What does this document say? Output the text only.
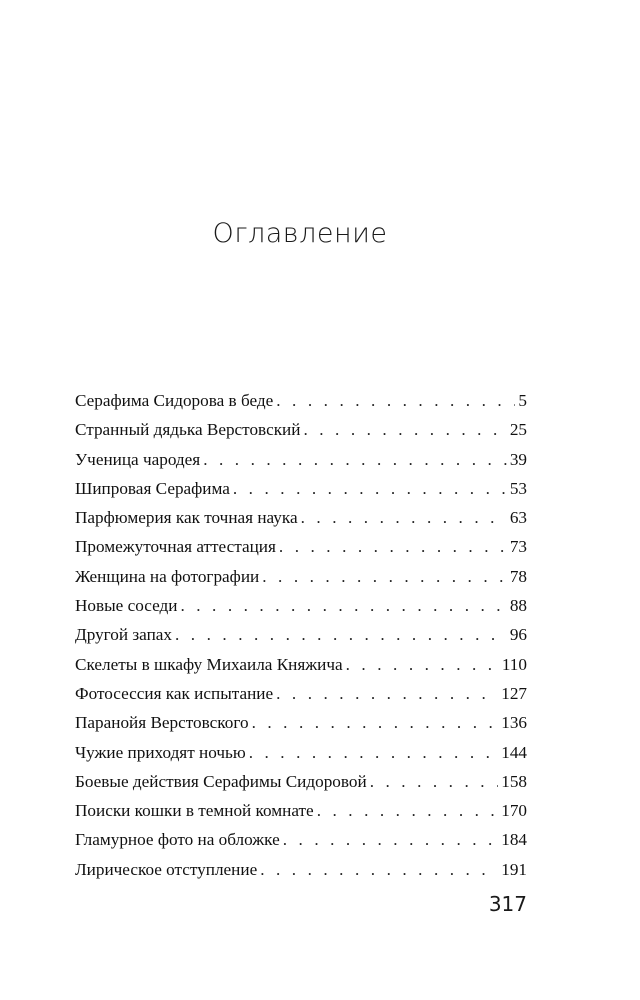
Оглавление
Серафима Сидорова в беде . . .	5
Странный дядька Верстовский . . .	25
Ученица чародея . . .	39
Шипровая Серафима . . .	53
Парфюмерия как точная наука . . .	63
Промежуточная аттестация . . .	73
Женщина на фотографии . . .	78
Новые соседи . . .	88
Другой запах . . .	96
Скелеты в шкафу Михаила Княжича . . .	110
Фотосессия как испытание . . .	127
Паранойя Верстовского . . .	136
Чужие приходят ночью . . .	144
Боевые действия Серафимы Сидоровой . . .	158
Поиски кошки в темной комнате . . .	170
Гламурное фото на обложке . . .	184
Лирическое отступление . . .	191
317
